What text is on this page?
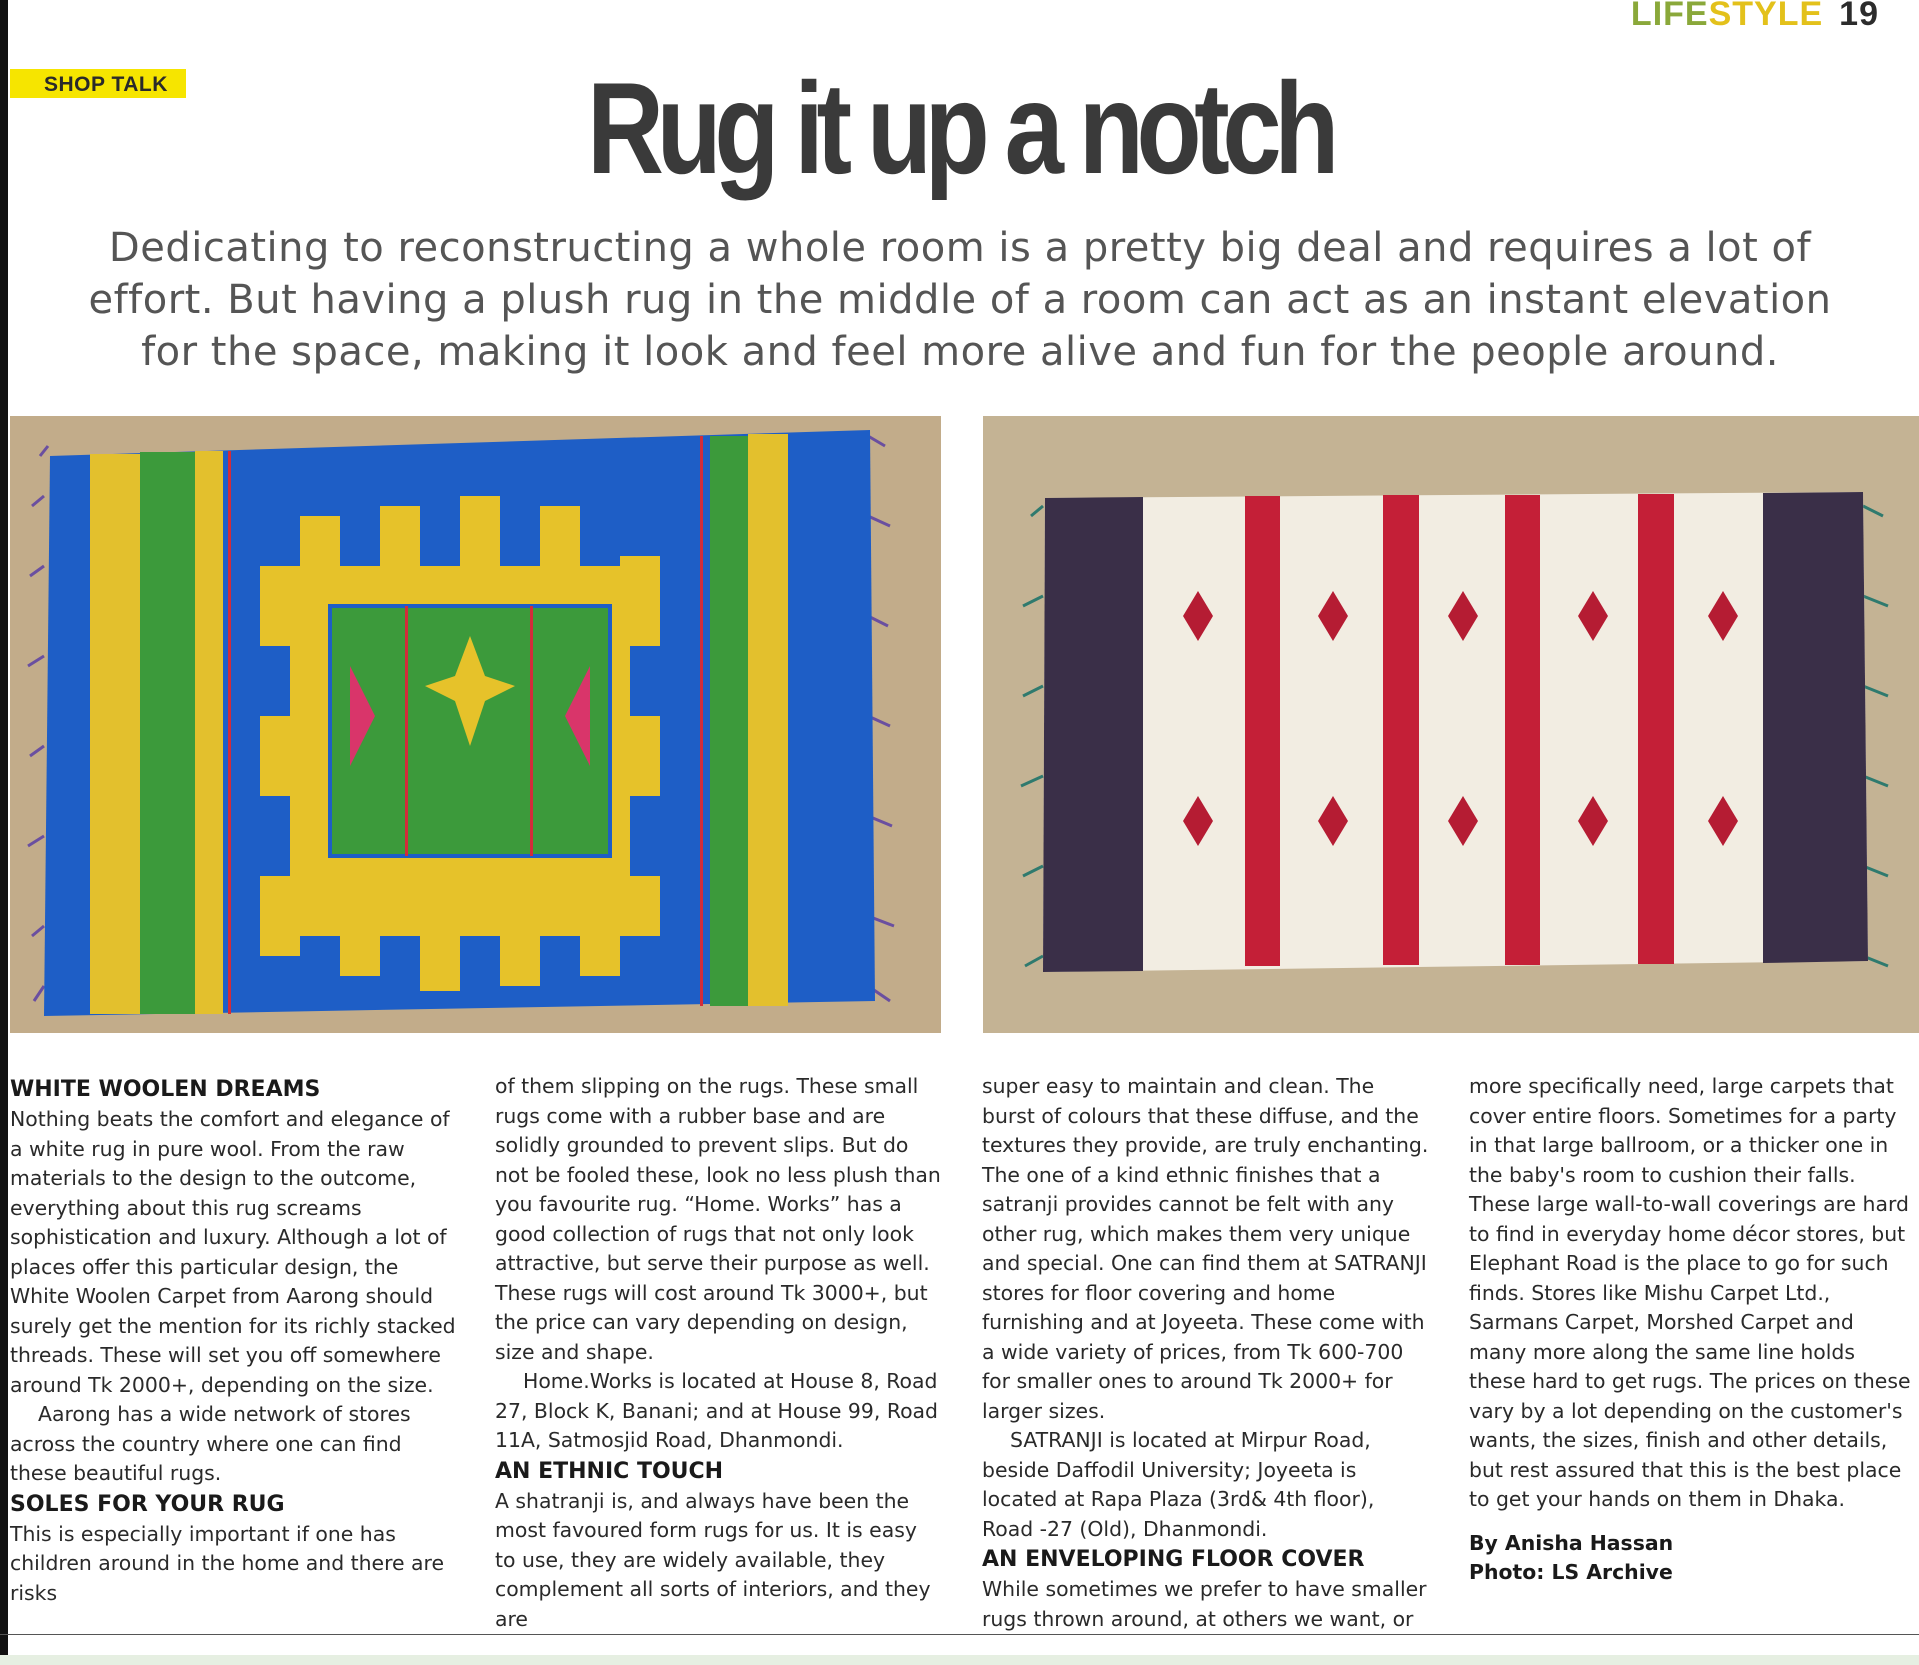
LIFESTYLE 19
SHOP TALK	Rug it up a notch
Dedicating to reconstructing a whole room is a pretty big deal and requires a lot of effort. But having a plush rug in the middle of a room can act as an instant elevation for the space, making it look and feel more alive and fun for the people around.
WHITE WOOLEN DREAMS

Nothing beats the comfort and elegance of a white rug in pure wool. From the raw materials to the design to the outcome, everything about this rug screams sophistication and luxury. Although a lot of places offer this particular design, the White Woolen Carpet from Aarong should surely get the mention for its richly stacked threads. These will set you off somewhere around Tk 2000+, depending on the size.

Aarong has a wide network of stores across the country where one can find these beautiful rugs.

SOLES FOR YOUR RUG

This is especially important if one has children around in the home and there are risks

of them slipping on the rugs. These small rugs come with a rubber base and are solidly grounded to prevent slips. But do not be fooled these, look no less plush than you favourite rug. “Home. Works” has a good collection of rugs that not only look attractive, but serve their purpose as well. These rugs will cost around Tk 3000+, but the price can vary depending on design, size and shape.

Home.Works is located at House 8, Road 27, Block K, Banani; and at House 99, Road 11A, Satmosjid Road, Dhanmondi.

AN ETHNIC TOUCH

A shatranji is, and always have been the most favoured form rugs for us. It is easy to use, they are widely available, they complement all sorts of interiors, and they are

super easy to maintain and clean. The burst of colours that these diffuse, and the textures they provide, are truly enchanting. The one of a kind ethnic finishes that a satranji provides cannot be felt with any other rug, which makes them very unique and special. One can find them at SATRANJI stores for floor covering and home furnishing and at Joyeeta. These come with a wide variety of prices, from Tk 600-700 for smaller ones to around Tk 2000+ for larger sizes.

SATRANJI is located at Mirpur Road, beside Daffodil University; Joyeeta is located at Rapa Plaza (3rd& 4th floor), Road -27 (Old), Dhanmondi.

AN ENVELOPING FLOOR COVER

While sometimes we prefer to have smaller rugs thrown around, at others we want, or

more specifically need, large carpets that cover entire floors. Sometimes for a party in that large ballroom, or a thicker one in the baby's room to cushion their falls. These large wall-to-wall coverings are hard to find in everyday home décor stores, but Elephant Road is the place to go for such finds. Stores like Mishu Carpet Ltd., Sarmans Carpet, Morshed Carpet and many more along the same line holds these hard to get rugs. The prices on these vary by a lot depending on the customer's wants, the sizes, finish and other details, but rest assured that this is the best place to get your hands on them in Dhaka.

By Anisha Hassan

Photo: LS Archive
